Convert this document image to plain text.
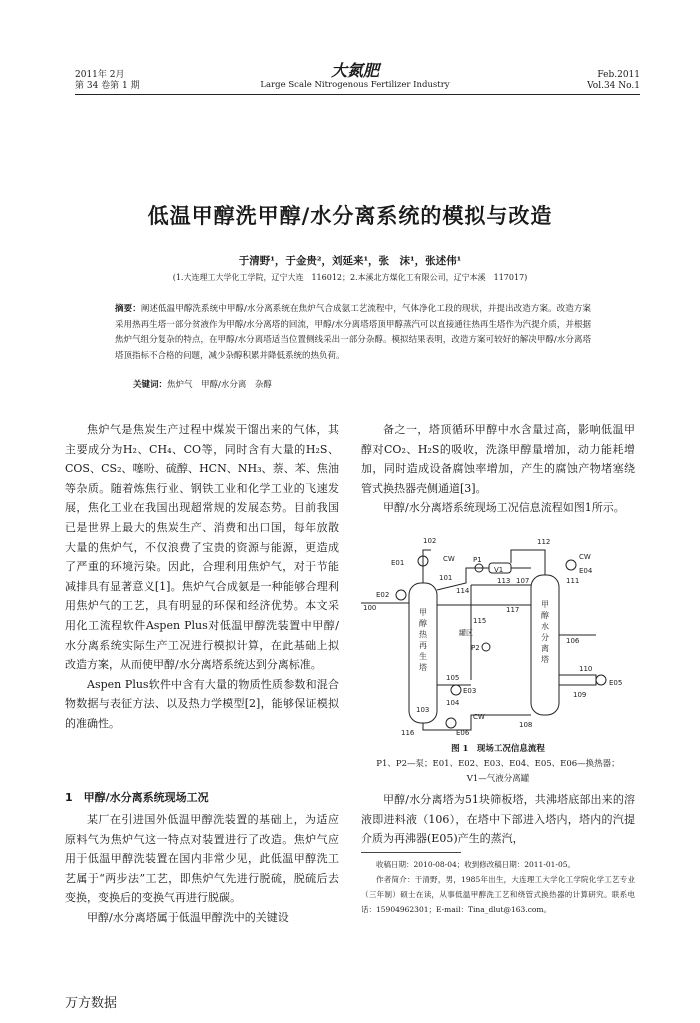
2011年 2月
第 34 卷第 1 期
大氮肥
Large Scale Nitrogenous Fertilizer Industry
Feb.2011
Vol.34 No.1
低温甲醇洗甲醇/水分离系统的模拟与改造
于清野¹，于金贵²，刘延来¹，张　沫¹，张述伟¹
(1.大连理工大学化工学院，辽宁大连　116012；2.本溪北方煤化工有限公司，辽宁本溪　117017)
摘要：阐述低温甲醇洗系统中甲醇/水分离系统在焦炉气合成氨工艺流程中，气体净化工段的现状，并提出改造方案。改造方案采用热再生塔一部分贫液作为甲醇/水分离塔的回流，甲醇/水分离塔塔顶甲醇蒸汽可以直接通往热再生塔作为汽提介质，并根据焦炉气组分复杂的特点，在甲醇/水分离塔适当位置侧线采出一部分杂醇。模拟结果表明，改造方案可较好的解决甲醇/水分离塔塔顶指标不合格的问题，减少杂醇积累并降低系统的热负荷。
关键词：焦炉气　甲醇/水分离　杂醇

焦炉气是焦炭生产过程中煤炭干馏出来的气体，其主要成分为H₂、CH₄、CO等，同时含有大量的H₂S、COS、CS₂、噻吩、硫醇、HCN、NH₃、萘、苯、焦油等杂质。随着炼焦行业、钢铁工业和化学工业的飞速发展，焦化工业在我国出现超常规的发展态势。目前我国已是世界上最大的焦炭生产、消费和出口国，每年放散大量的焦炉气，不仅浪费了宝贵的资源与能源，更造成了严重的环境污染。因此，合理利用焦炉气，对于节能减排具有显著意义[1]。焦炉气合成氨是一种能够合理利用焦炉气的工艺，具有明显的环保和经济优势。本文采用化工流程软件Aspen Plus对低温甲醇洗装置中甲醇/水分离系统实际生产工况进行模拟计算，在此基础上拟改造方案，从而使甲醇/水分离塔系统达到分离标准。

Aspen Plus软件中含有大量的物质性质参数和混合物数据与表征方法、以及热力学模型[2]，能够保证模拟的准确性。

1　甲醇/水分离系统现场工况

某厂在引进国外低温甲醇洗装置的基础上，为适应原料气为焦炉气这一特点对装置进行了改造。焦炉气应用于低温甲醇洗装置在国内非常少见，此低温甲醇洗工艺属于“两步法”工艺，即焦炉气先进行脱硫，脱硫后去变换，变换后的变换气再进行脱碳。

甲醇/水分离塔属于低温甲醇洗中的关键设

备之一，塔顶循环甲醇中水含量过高，影响低温甲醇对CO₂、H₂S的吸收，洗涤甲醇量增加，动力能耗增加，同时造成设备腐蚀率增加，产生的腐蚀产物堵塞绕管式换热器壳侧通道[3]。

甲醇/水分离塔系统现场工况信息流程如图1所示。

102	112
E01	CW	P1
V1
CW
E04
101	113 107	111
114
E02
100	117
115
罐区
106
P2
110
105
E03
E05
104
103
109
CW
108
116	E06
甲醇热再生塔
甲醇水分离塔
图 1　现场工况信息流程
P1、P2—泵；E01、E02、E03、E04、E05、E06—换热器；
V1—气液分离罐

甲醇/水分离塔为51块筛板塔，共沸塔底部出来的溶液即进料液（106），在塔中下部进入塔内，塔内的汽提介质为再沸器(E05)产生的蒸汽，

收稿日期：2010-08-04；收到修改稿日期：2011-01-05。

作者简介：于清野，男，1985年出生，大连理工大学化工学院化学工艺专业（三年制）硕士在读，从事低温甲醇洗工艺和绕管式换热器的计算研究。联系电话：15904962301；E-mail：Tina_dlut@163.com。

万方数据
